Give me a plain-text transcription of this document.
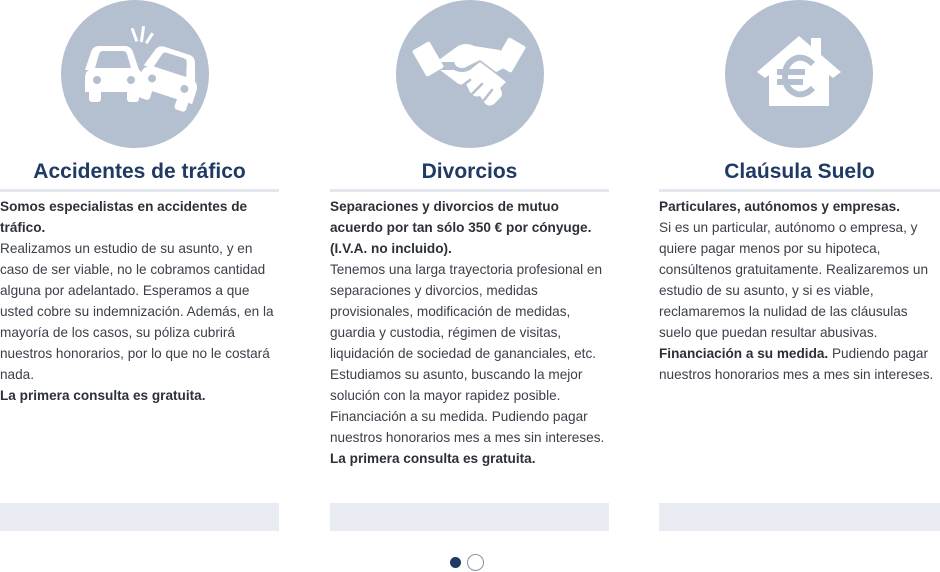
Accidentes de tráfico

Somos especialistas en accidentes de tráfico.

Realizamos un estudio de su asunto, y en caso de ser viable, no le cobramos cantidad alguna por adelantado. Esperamos a que usted cobre su indemnización. Además, en la mayoría de los casos, su póliza cubrirá nuestros honorarios, por lo que no le costará nada.

La primera consulta es gratuita.

Divorcios

Separaciones y divorcios de mutuo acuerdo por tan sólo 350 € por cónyuge. (I.V.A. no incluido).

Tenemos una larga trayectoria profesional en separaciones y divorcios, medidas provisionales, modificación de medidas, guardia y custodia, régimen de visitas, liquidación de sociedad de gananciales, etc. Estudiamos su asunto, buscando la mejor solución con la mayor rapidez posible. Financiación a su medida. Pudiendo pagar nuestros honorarios mes a mes sin intereses.

La primera consulta es gratuita.

Claúsula Suelo

Particulares, autónomos y empresas.

Si es un particular, autónomo o empresa, y quiere pagar menos por su hipoteca, consúltenos gratuitamente. Realizaremos un estudio de su asunto, y si es viable, reclamaremos la nulidad de las cláusulas suelo que puedan resultar abusivas.

Financiación a su medida. Pudiendo pagar nuestros honorarios mes a mes sin intereses.
